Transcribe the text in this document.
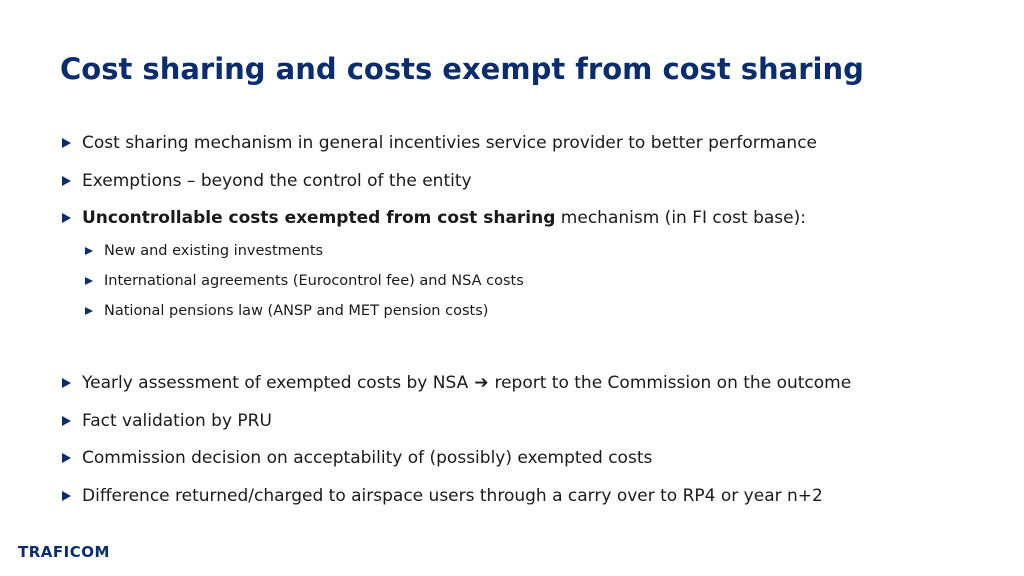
Cost sharing and costs exempt from cost sharing
Cost sharing mechanism in general incentivies service provider to better performance
Exemptions – beyond the control of the entity
Uncontrollable costs exempted from cost sharing mechanism (in FI cost base):
New and existing investments
International agreements (Eurocontrol fee) and NSA costs
National pensions law (ANSP and MET pension costs)
Yearly assessment of exempted costs by NSA ➔ report to the Commission on the outcome
Fact validation by PRU
Commission decision on acceptability of (possibly) exempted costs
Difference returned/charged to airspace users through a carry over to RP4 or year n+2
TRAFICOM
